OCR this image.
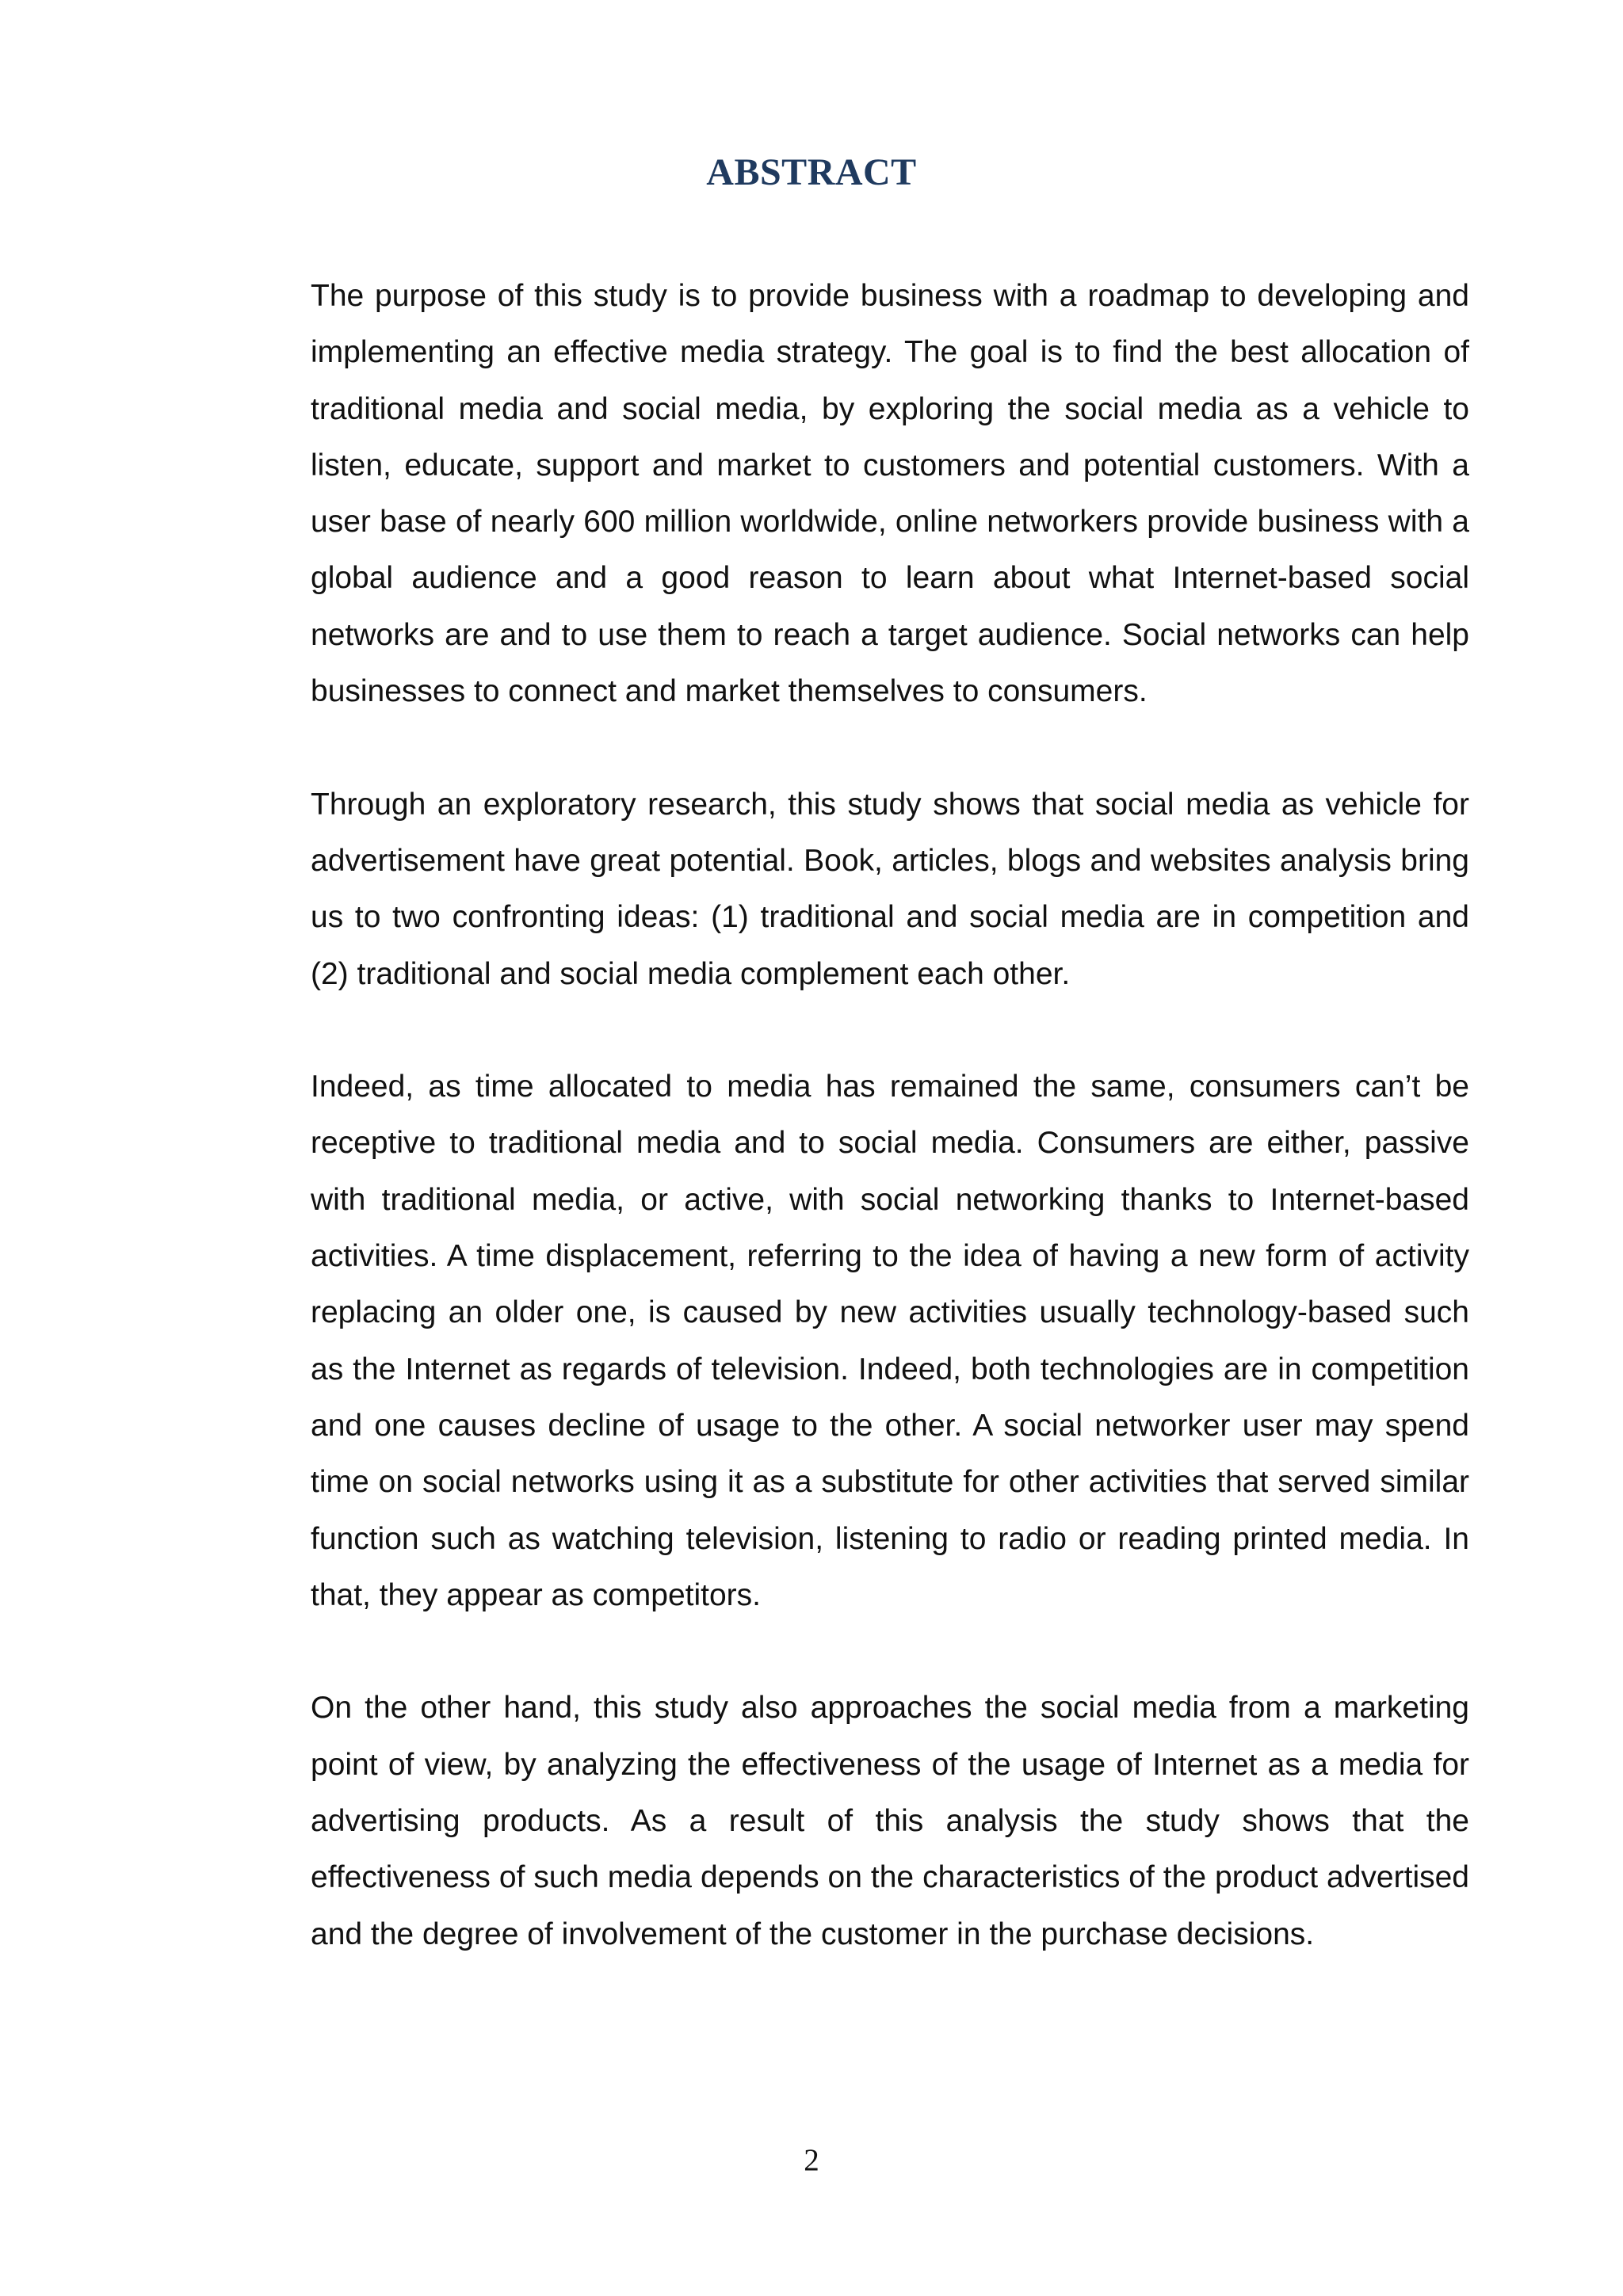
ABSTRACT

The purpose of this study is to provide business with a roadmap to developing and implementing an effective media strategy. The goal is to find the best allocation of traditional media and social media, by exploring the social media as a vehicle to listen, educate, support and market to customers and potential customers. With a user base of nearly 600 million worldwide, online networkers provide business with a global audience and a good reason to learn about what Internet-based social networks are and to use them to reach a target audience. Social networks can help businesses to connect and market themselves to consumers.

Through an exploratory research, this study shows that social media as vehicle for advertisement have great potential. Book, articles, blogs and websites analysis bring us to two confronting ideas: (1) traditional and social media are in competition and (2) traditional and social media complement each other.

Indeed, as time allocated to media has remained the same, consumers can’t be receptive to traditional media and to social media. Consumers are either, passive with traditional media, or active, with social networking thanks to Internet-based activities. A time displacement, referring to the idea of having a new form of activity replacing an older one, is caused by new activities usually technology-based such as the Internet as regards of television. Indeed, both technologies are in competition and one causes decline of usage to the other. A social networker user may spend time on social networks using it as a substitute for other activities that served similar function such as watching television, listening to radio or reading printed media. In that, they appear as competitors.

On the other hand, this study also approaches the social media from a marketing point of view, by analyzing the effectiveness of the usage of Internet as a media for advertising products. As a result of this analysis the study shows that the effectiveness of such media depends on the characteristics of the product advertised and the degree of involvement of the customer in the purchase decisions.

2
